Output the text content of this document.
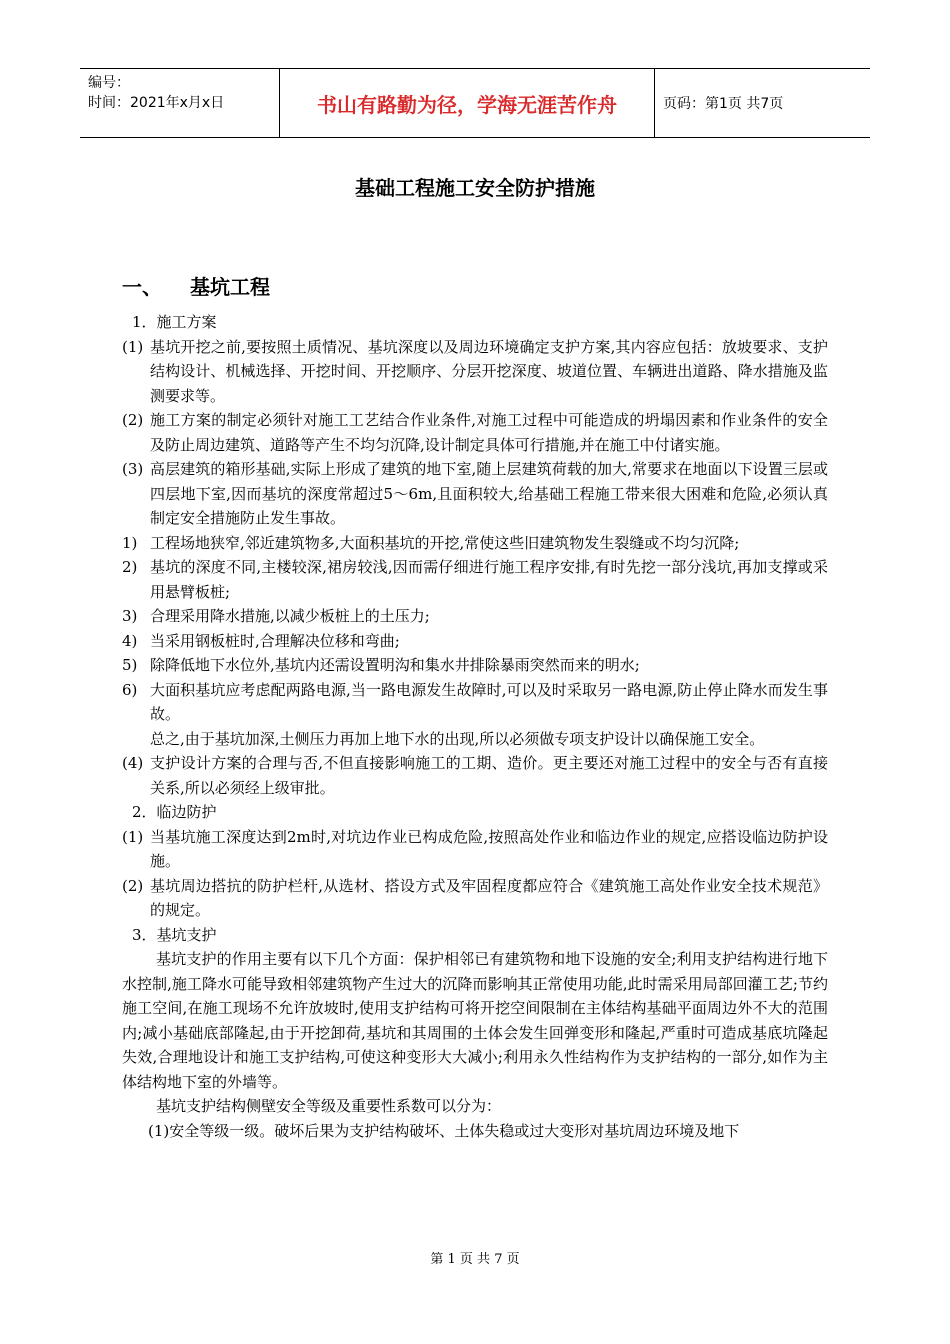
编号：
时间：2021年x月x日	书山有路勤为径，学海无涯苦作舟	页码：第1页 共7页
基础工程施工安全防护措施
一、 基坑工程

1．施工方案

(1) 基坑开挖之前,要按照土质情况、基坑深度以及周边环境确定支护方案,其内容应包括：放坡要求、支护结构设计、机械选择、开挖时间、开挖顺序、分层开挖深度、坡道位置、车辆进出道路、降水措施及监测要求等。
(2) 施工方案的制定必须针对施工工艺结合作业条件,对施工过程中可能造成的坍塌因素和作业条件的安全及防止周边建筑、道路等产生不均匀沉降,设计制定具体可行措施,并在施工中付诸实施。
(3) 高层建筑的箱形基础,实际上形成了建筑的地下室,随上层建筑荷载的加大,常要求在地面以下设置三层或四层地下室,因而基坑的深度常超过5～6m,且面积较大,给基础工程施工带来很大困难和危险,必须认真制定安全措施防止发生事故。
1) 工程场地狭窄,邻近建筑物多,大面积基坑的开挖,常使这些旧建筑物发生裂缝或不均匀沉降;
2) 基坑的深度不同,主楼较深,裙房较浅,因而需仔细进行施工程序安排,有时先挖一部分浅坑,再加支撑或采用悬臂板桩;
3) 合理采用降水措施,以减少板桩上的土压力;
4) 当采用钢板桩时,合理解决位移和弯曲;
5) 除降低地下水位外,基坑内还需设置明沟和集水井排除暴雨突然而来的明水;
6) 大面积基坑应考虑配两路电源,当一路电源发生故障时,可以及时采取另一路电源,防止停止降水而发生事故。

总之,由于基坑加深,土侧压力再加上地下水的出现,所以必须做专项支护设计以确保施工安全。

(4) 支护设计方案的合理与否,不但直接影响施工的工期、造价。更主要还对施工过程中的安全与否有直接关系,所以必须经上级审批。

2．临边防护

(1) 当基坑施工深度达到2m时,对坑边作业已构成危险,按照高处作业和临边作业的规定,应搭设临边防护设施。
(2) 基坑周边搭抗的防护栏杆,从选材、搭设方式及牢固程度都应符合《建筑施工高处作业安全技术规范》的规定。

3．基坑支护

基坑支护的作用主要有以下几个方面：保护相邻已有建筑物和地下设施的安全;利用支护结构进行地下水控制,施工降水可能导致相邻建筑物产生过大的沉降而影响其正常使用功能,此时需采用局部回灌工艺;节约施工空间,在施工现场不允许放坡时,使用支护结构可将开挖空间限制在主体结构基础平面周边外不大的范围内;减小基础底部隆起,由于开挖卸荷,基坑和其周围的土体会发生回弹变形和隆起,严重时可造成基底坑隆起失效,合理地设计和施工支护结构,可使这种变形大大减小;利用永久性结构作为支护结构的一部分,如作为主体结构地下室的外墙等。

基坑支护结构侧壁安全等级及重要性系数可以分为：

(1)安全等级一级。破坏后果为支护结构破坏、土体失稳或过大变形对基坑周边环境及地下

第 1 页 共 7 页
